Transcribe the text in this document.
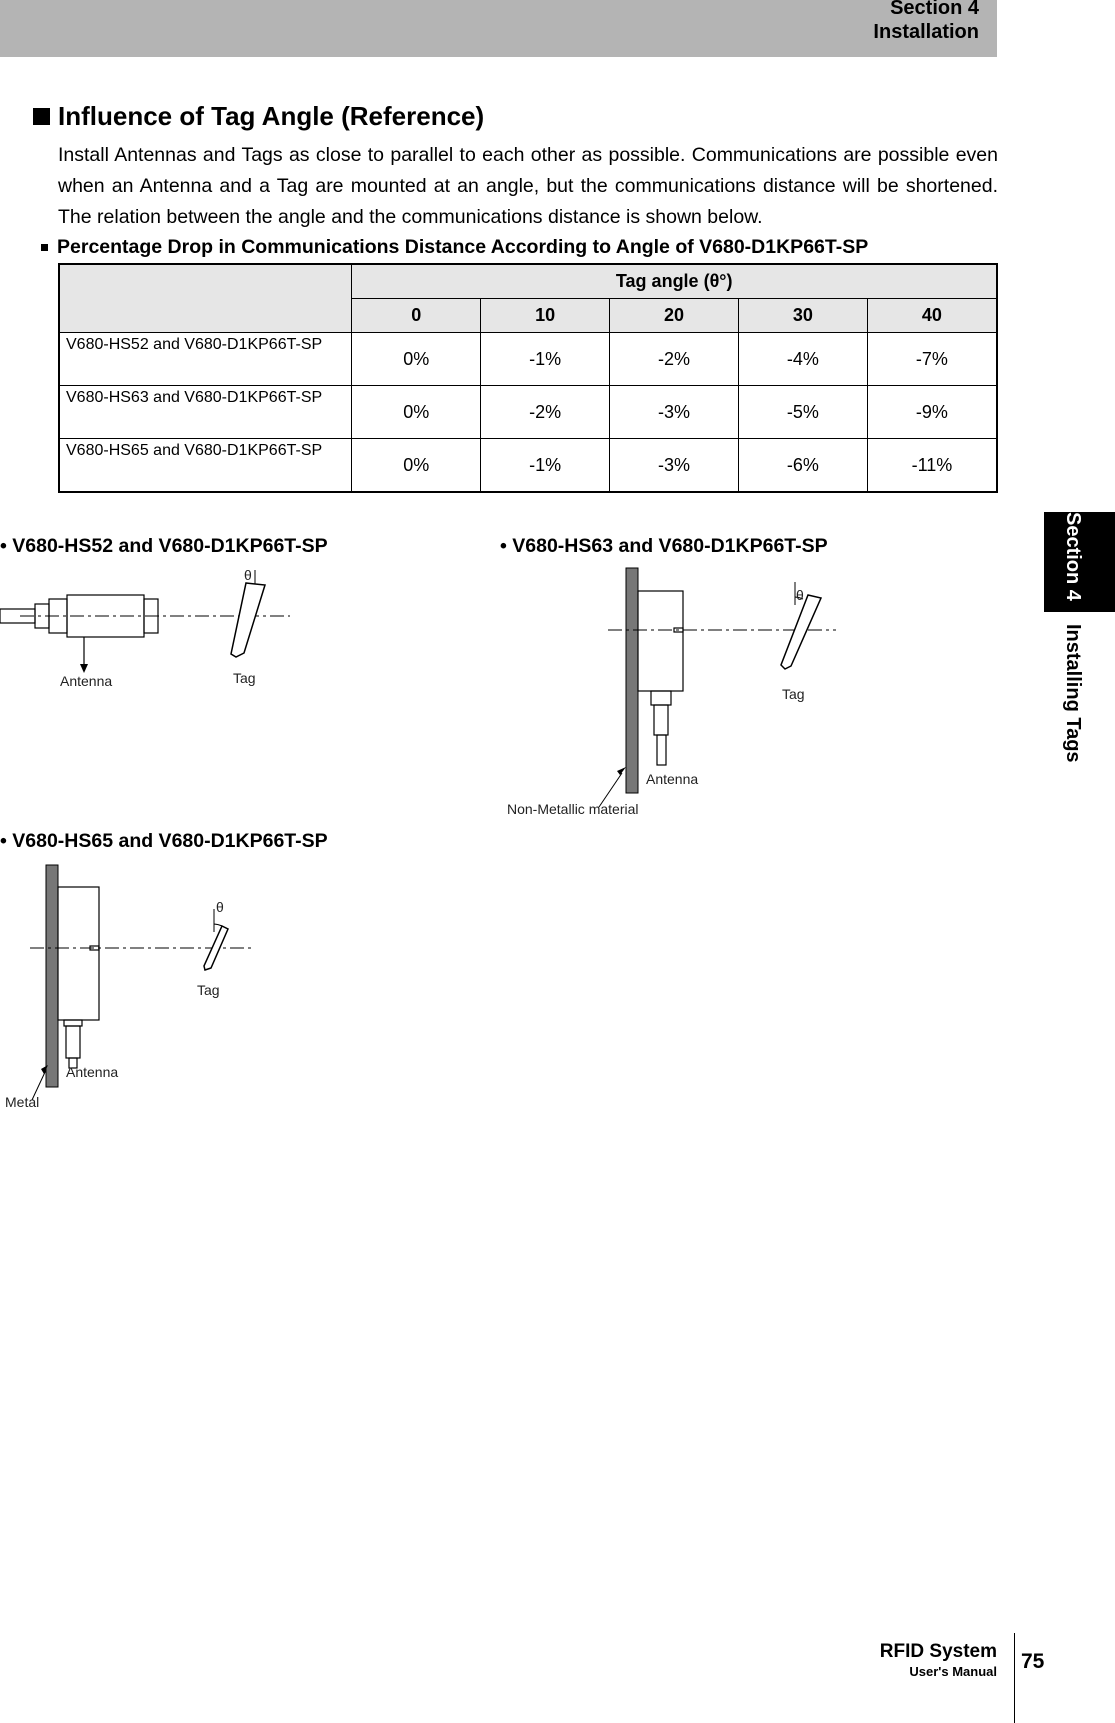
Section 4
Installation
Section 4
Installing Tags
Influence of Tag Angle (Reference)
Install Antennas and Tags as close to parallel to each other as possible. Communications are possible even when an Antenna and a Tag are mounted at an angle, but the communications distance will be shortened. The relation between the angle and the communications distance is shown below.
Percentage Drop in Communications Distance According to Angle of V680-D1KP66T-SP
	Tag angle (θ°)				
	0	10	20	30	40
V680-HS52 and V680-D1KP66T-SP	0%	-1%	-2%	-4%	-7%
V680-HS63 and V680-D1KP66T-SP	0%	-2%	-3%	-5%	-9%
V680-HS65 and V680-D1KP66T-SP	0%	-1%	-3%	-6%	-11%
• V680-HS52 and V680-D1KP66T-SP
θ
Antenna	Tag
• V680-HS63 and V680-D1KP66T-SP
θ
Tag
Antenna
Non-Metallic material
• V680-HS65 and V680-D1KP66T-SP
θ
Tag
Antenna
Metal
RFID System
User's Manual 75
